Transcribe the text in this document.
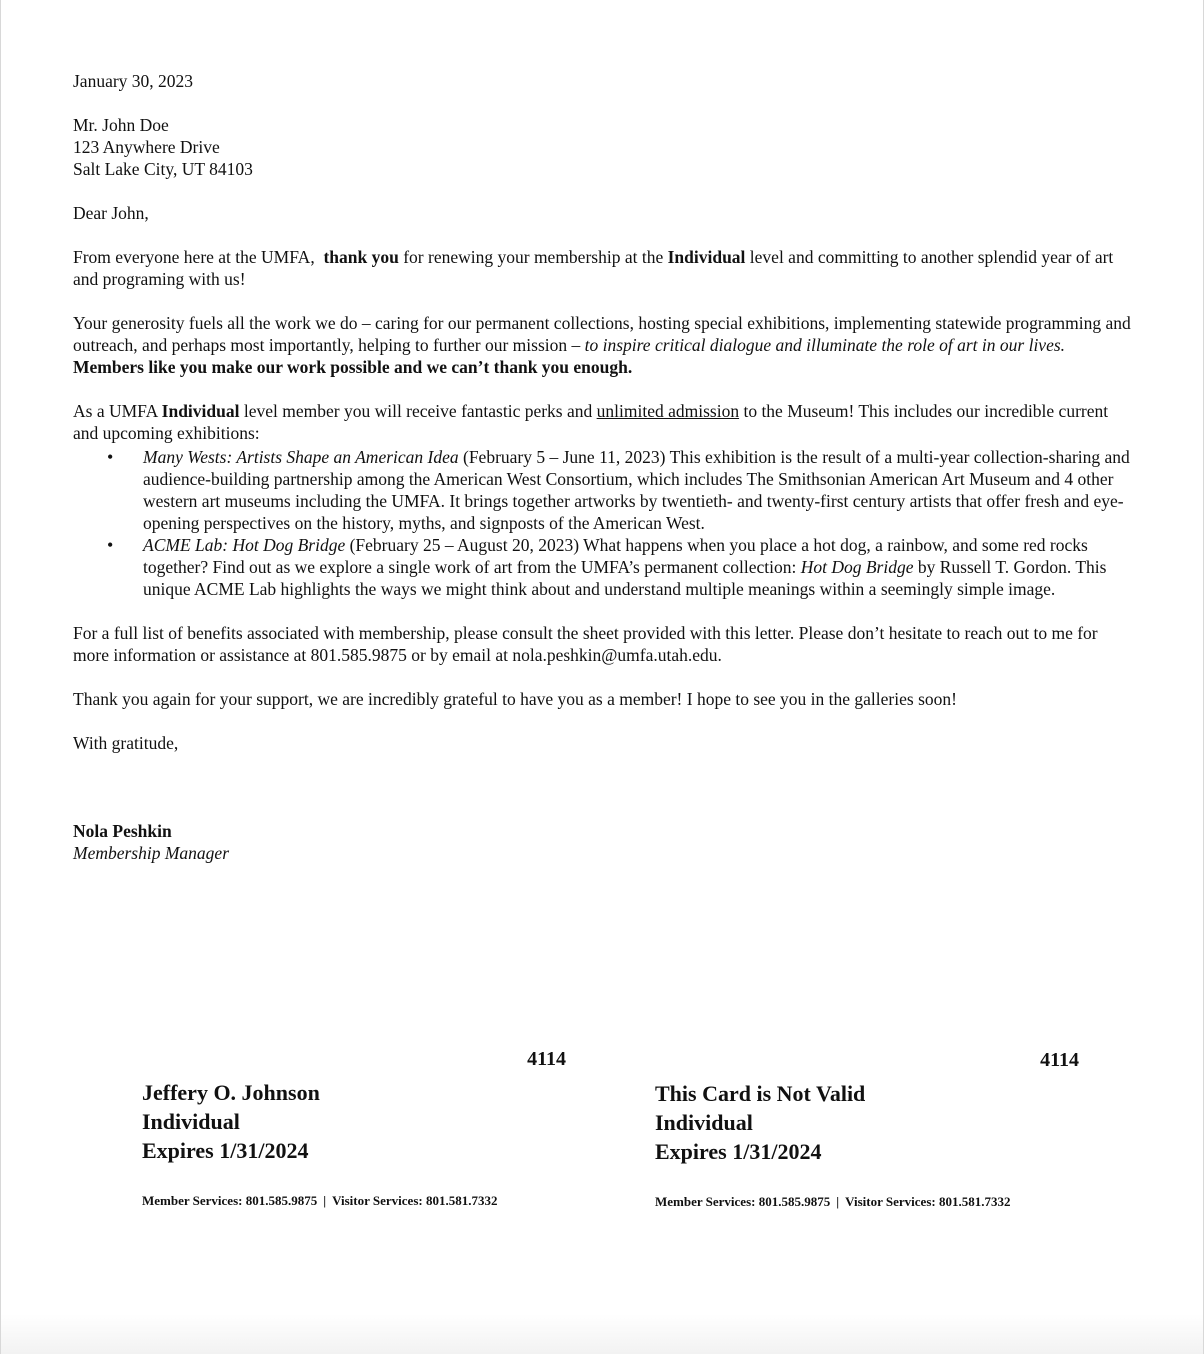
January 30, 2023

Mr. John Doe
123 Anywhere Drive
Salt Lake City, UT 84103

Dear John,

From everyone here at the UMFA,  thank you for renewing your membership at the Individual level and committing to another splendid year of art and programing with us!

Your generosity fuels all the work we do – caring for our permanent collections, hosting special exhibitions, implementing statewide programming and outreach, and perhaps most importantly, helping to further our mission – to inspire critical dialogue and illuminate the role of art in our lives. Members like you make our work possible and we can’t thank you enough.

As a UMFA Individual level member you will receive fantastic perks and unlimited admission to the Museum! This includes our incredible current and upcoming exhibitions:

• Many Wests: Artists Shape an American Idea (February 5 – June 11, 2023) This exhibition is the result of a multi-year collection-sharing and audience-building partnership among the American West Consortium, which includes The Smithsonian American Art Museum and 4 other western art museums including the UMFA. It brings together artworks by twentieth- and twenty-first century artists that offer fresh and eye-opening perspectives on the history, myths, and signposts of the American West.
• ACME Lab: Hot Dog Bridge (February 25 – August 20, 2023) What happens when you place a hot dog, a rainbow, and some red rocks together? Find out as we explore a single work of art from the UMFA’s permanent collection: Hot Dog Bridge by Russell T. Gordon. This unique ACME Lab highlights the ways we might think about and understand multiple meanings within a seemingly simple image.

For a full list of benefits associated with membership, please consult the sheet provided with this letter. Please don’t hesitate to reach out to me for more information or assistance at 801.585.9875 or by email at nola.peshkin@umfa.utah.edu.

Thank you again for your support, we are incredibly grateful to have you as a member! I hope to see you in the galleries soon!

With gratitude,

Nola Peshkin
Membership Manager
4114
Jeffery O. Johnson
Individual
Expires 1/31/2024
Member Services: 801.585.9875 | Visitor Services: 801.581.7332
4114
This Card is Not Valid
Individual
Expires 1/31/2024
Member Services: 801.585.9875 | Visitor Services: 801.581.7332
